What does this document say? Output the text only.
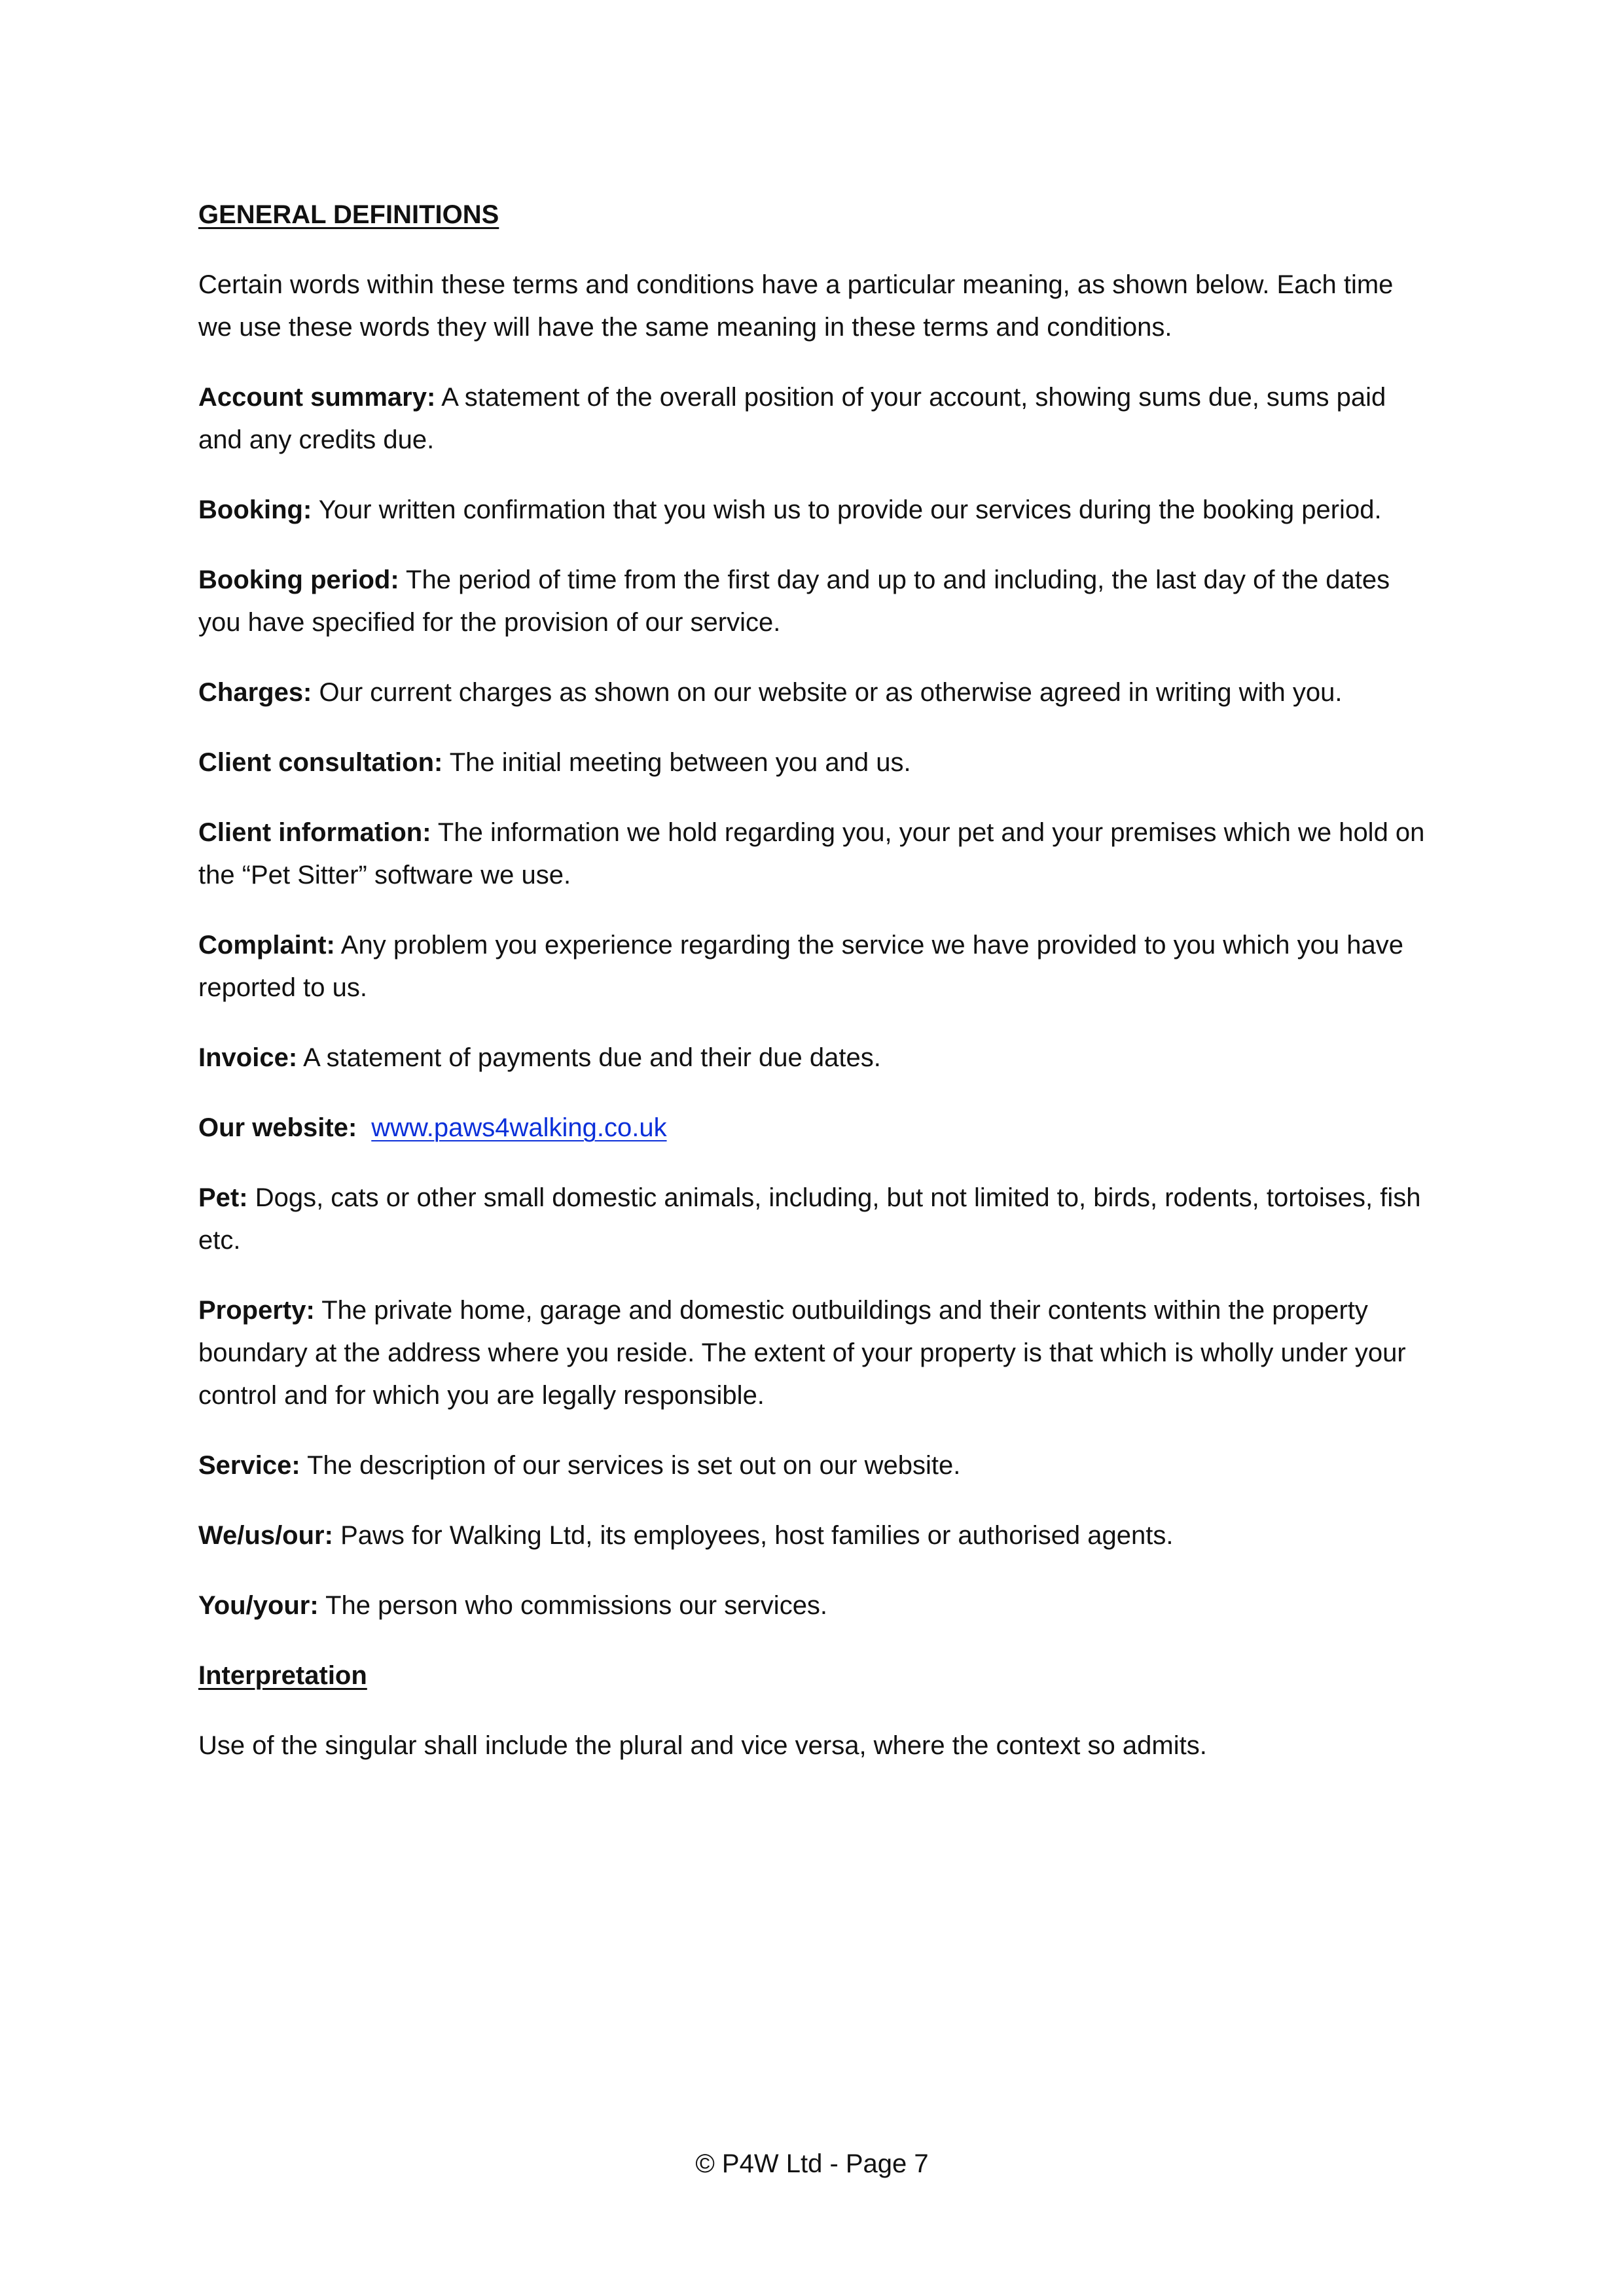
GENERAL DEFINITIONS

Certain words within these terms and conditions have a particular meaning, as shown below. Each time we use these words they will have the same meaning in these terms and conditions.

Account summary: A statement of the overall position of your account, showing sums due, sums paid and any credits due.

Booking: Your written confirmation that you wish us to provide our services during the booking period.

Booking period: The period of time from the first day and up to and including, the last day of the dates you have specified for the provision of our service.

Charges: Our current charges as shown on our website or as otherwise agreed in writing with you.

Client consultation: The initial meeting between you and us.

Client information: The information we hold regarding you, your pet and your premises which we hold on the “Pet Sitter” software we use.

Complaint: Any problem you experience regarding the service we have provided to you which you have reported to us.

Invoice: A statement of payments due and their due dates.

Our website: www.paws4walking.co.uk

Pet: Dogs, cats or other small domestic animals, including, but not limited to, birds, rodents, tortoises, fish etc.

Property: The private home, garage and domestic outbuildings and their contents within the property boundary at the address where you reside. The extent of your property is that which is wholly under your control and for which you are legally responsible.

Service: The description of our services is set out on our website.

We/us/our: Paws for Walking Ltd, its employees, host families or authorised agents.

You/your: The person who commissions our services.

Interpretation

Use of the singular shall include the plural and vice versa, where the context so admits.

© P4W Ltd - Page 7
